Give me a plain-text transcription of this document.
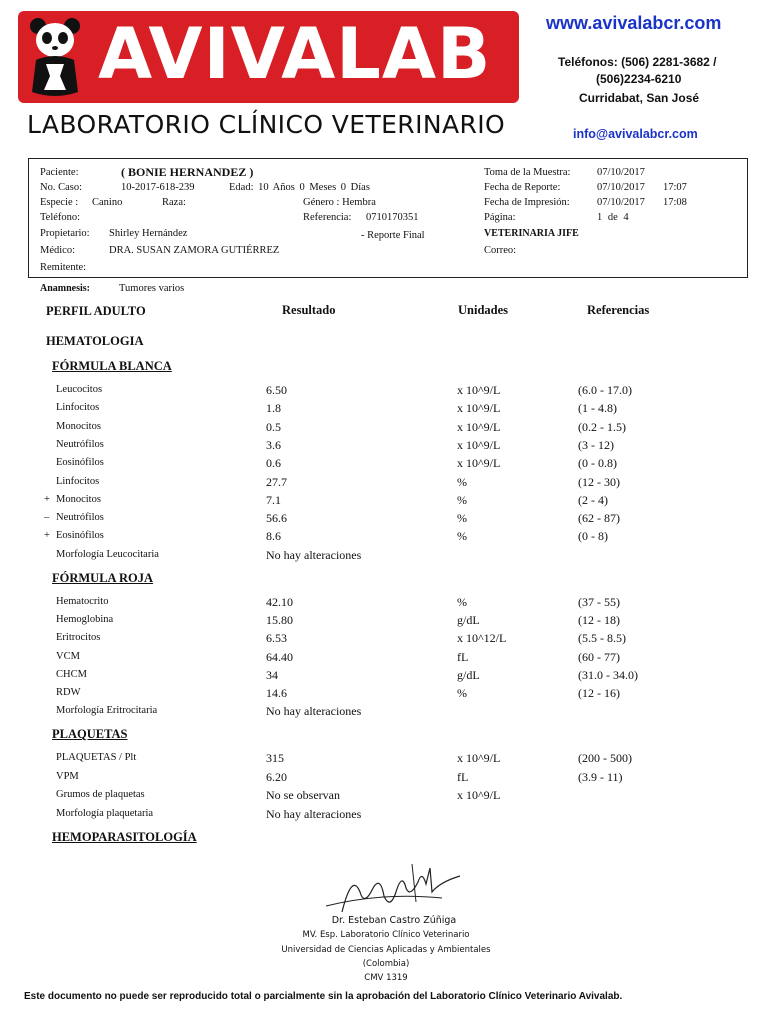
AVIVALAB
LABORATORIO CLÍNICO VETERINARIO
www.avivalabcr.com
Teléfonos: (506) 2281-3682 /
(506)2234-6210
Curridabat, San José
info@avivalabcr.com
Paciente:	( BONIE HERNANDEZ )
No. Caso:	10-2017-618-239	Edad: 10 Años 0 Meses 0 Días
Especie : Canino	Raza:	Género : Hembra
Teléfono:	Referencia: 0710170351
Propietario: Shirley Hernández	- Reporte Final
Médico:	DRA. SUSAN ZAMORA GUTIÉRREZ
Remitente:
Toma de la Muestra:	07/10/2017
Fecha de Reporte:	07/10/2017 17:07
Fecha de Impresión:	07/10/2017 17:08
Página:	1 de 4
VETERINARIA JIFE
Correo:
Anamnesis:	Tumores varios
PERFIL ADULTO	Resultado	Unidades	Referencias
HEMATOLOGIA
FÓRMULA BLANCA
Leucocitos	6.50	x 10^9/L	(6.0 - 17.0)
Linfocitos	1.8	x 10^9/L	(1 - 4.8)
Monocitos	0.5	x 10^9/L	(0.2 - 1.5)
Neutrófilos	3.6	x 10^9/L	(3 - 12)
Eosinófilos	0.6	x 10^9/L	(0 - 0.8)
Linfocitos	27.7	%	(12 - 30)
+ Monocitos	7.1	%	(2 - 4)
– Neutrófilos	56.6	%	(62 - 87)
+ Eosinófilos	8.6	%	(0 - 8)
Morfología Leucocitaria	No hay alteraciones
FÓRMULA ROJA
Hematocrito	42.10	%	(37 - 55)
Hemoglobina	15.80	g/dL	(12 - 18)
Eritrocitos	6.53	x 10^12/L	(5.5 - 8.5)
VCM	64.40	fL	(60 - 77)
CHCM	34	g/dL	(31.0 - 34.0)
RDW	14.6	%	(12 - 16)
Morfología Eritrocitaria	No hay alteraciones
PLAQUETAS
PLAQUETAS / Plt	315	x 10^9/L	(200 - 500)
VPM	6.20	fL	(3.9 - 11)
Grumos de plaquetas	No se observan	x 10^9/L
Morfología plaquetaria	No hay alteraciones
HEMOPARASITOLOGÍA
Dr. Esteban Castro Zúñiga
MV. Esp. Laboratorio Clínico Veterinario
Universidad de Ciencias Aplicadas y Ambientales
(Colombia)
CMV 1319
Este documento no puede ser reproducido total o parcialmente sin la aprobación del Laboratorio Clínico Veterinario Avivalab.
